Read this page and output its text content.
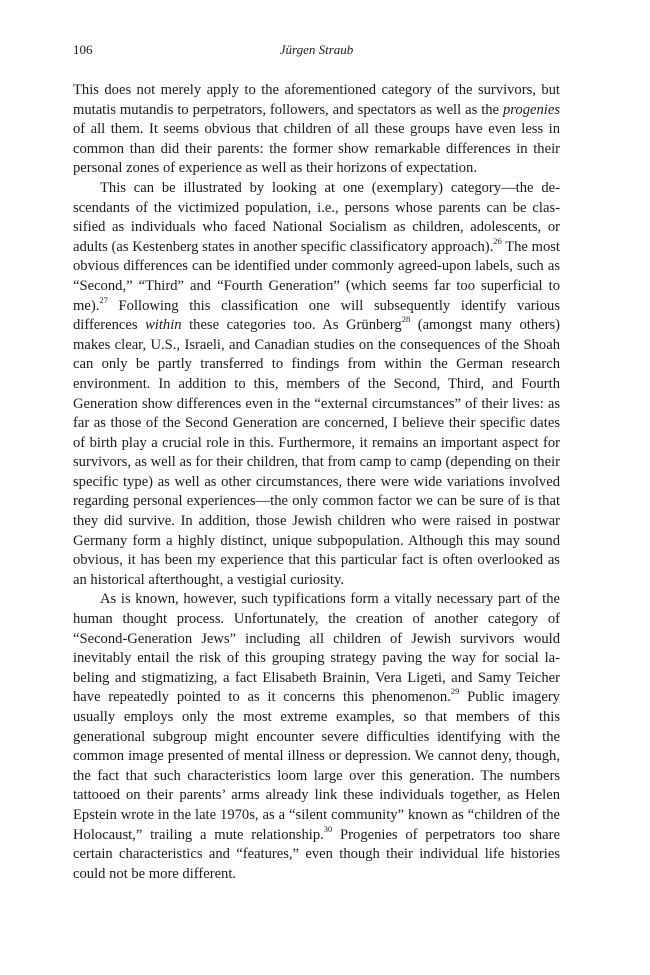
106	Jürgen Straub

This does not merely apply to the aforementioned category of the survivors, but mutatis mutandis to perpetrators, followers, and spectators as well as the progenies of all them. It seems obvious that children of all these groups have even less in common than did their parents: the former show remarkable differences in their personal zones of experience as well as their horizons of expectation.

This can be illustrated by looking at one (exemplary) category—the descendants of the victimized population, i.e., persons whose parents can be classified as individuals who faced National Socialism as children, adolescents, or adults (as Kestenberg states in another specific classificatory approach).$^{26}$ The most obvious differences can be identified under commonly agreed-upon labels, such as “Second,” “Third” and “Fourth Generation” (which seems far too superficial to me).$^{27}$ Following this classification one will subsequently identify various differences within these categories too. As Grünberg$^{28}$ (amongst many others) makes clear, U.S., Israeli, and Canadian studies on the consequences of the Shoah can only be partly transferred to findings from within the German research environment. In addition to this, members of the Second, Third, and Fourth Generation show differences even in the “external circumstances” of their lives: as far as those of the Second Generation are concerned, I believe their specific dates of birth play a crucial role in this. Furthermore, it remains an important aspect for survivors, as well as for their children, that from camp to camp (depending on their specific type) as well as other circumstances, there were wide variations involved regarding personal experiences—the only common factor we can be sure of is that they did survive. In addition, those Jewish children who were raised in postwar Germany form a highly distinct, unique subpopulation. Although this may sound obvious, it has been my experience that this particular fact is often overlooked as an historical afterthought, a vestigial curiosity.

As is known, however, such typifications form a vitally necessary part of the human thought process. Unfortunately, the creation of another category of “Second-Generation Jews” including all children of Jewish survivors would inevitably entail the risk of this grouping strategy paving the way for social labeling and stigmatizing, a fact Elisabeth Brainin, Vera Ligeti, and Samy Teicher have repeatedly pointed to as it concerns this phenomenon.$^{29}$ Public imagery usually employs only the most extreme examples, so that members of this generational subgroup might encounter severe difficulties identifying with the common image presented of mental illness or depression. We cannot deny, though, the fact that such characteristics loom large over this generation. The numbers tattooed on their parents’ arms already link these individuals together, as Helen Epstein wrote in the late 1970s, as a “silent community” known as “children of the Holocaust,” trailing a mute relationship.$^{30}$ Progenies of perpetrators too share certain characteristics and “features,” even though their individual life histories could not be more different.
